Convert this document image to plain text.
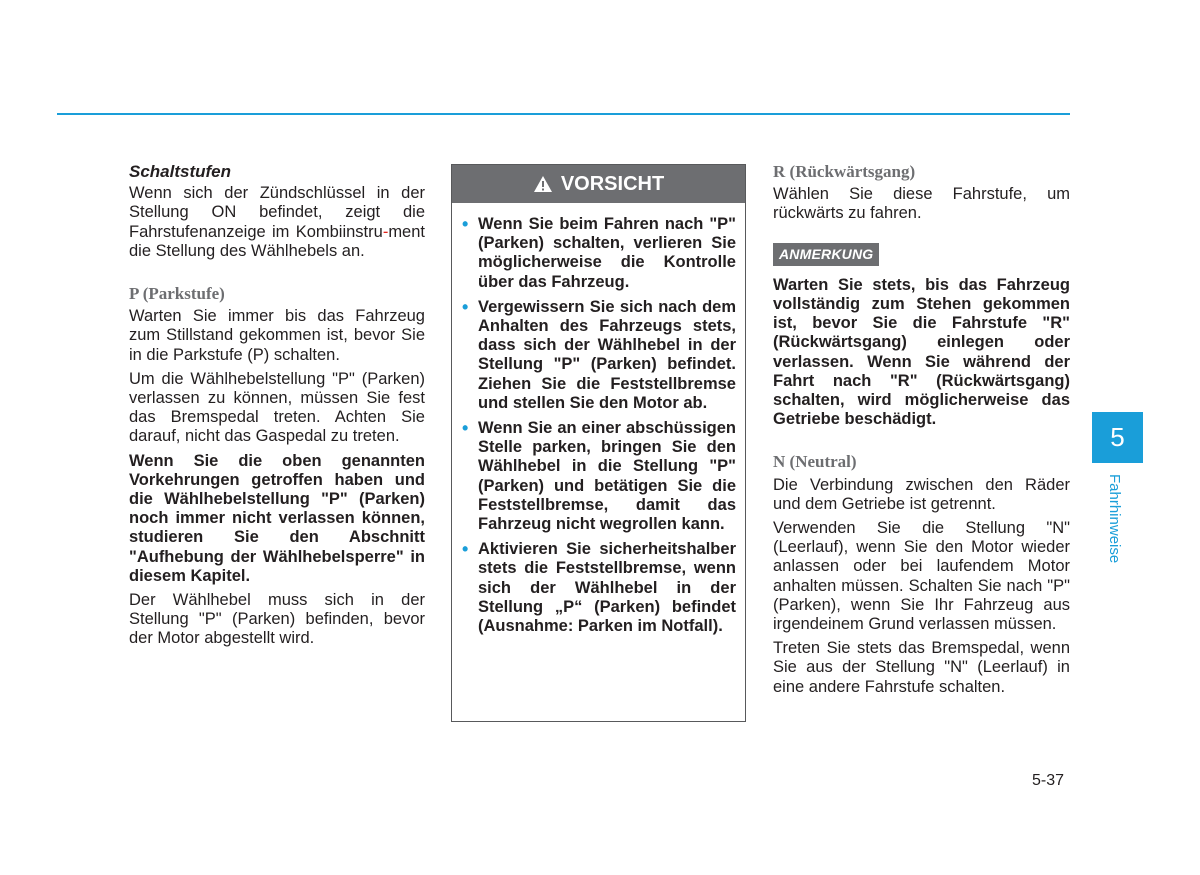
Schaltstufen

Wenn sich der Zündschlüssel in der Stellung ON befindet, zeigt die Fahrstufenanzeige im Kombiinstru-ment die Stellung des Wählhebels an.

P (Parkstufe)

Warten Sie immer bis das Fahrzeug zum Stillstand gekommen ist, bevor Sie in die Parkstufe (P) schalten.

Um die Wählhebelstellung "P" (Parken) verlassen zu können, müssen Sie fest das Bremspedal treten. Achten Sie darauf, nicht das Gaspedal zu treten.

Wenn Sie die oben genannten Vorkehrungen getroffen haben und die Wählhebelstellung "P" (Parken) noch immer nicht verlassen können, studieren Sie den Abschnitt "Aufhebung der Wählhebelsperre" in diesem Kapitel.

Der Wählhebel muss sich in der Stellung "P" (Parken) befinden, bevor der Motor abgestellt wird.

VORSICHT
• Wenn Sie beim Fahren nach "P" (Parken) schalten, verlieren Sie möglicherweise die Kontrolle über das Fahrzeug.
• Vergewissern Sie sich nach dem Anhalten des Fahrzeugs stets, dass sich der Wählhebel in der Stellung "P" (Parken) befindet. Ziehen Sie die Feststellbremse und stellen Sie den Motor ab.
• Wenn Sie an einer abschüssigen Stelle parken, bringen Sie den Wählhebel in die Stellung "P" (Parken) und betätigen Sie die Feststellbremse, damit das Fahrzeug nicht wegrollen kann.
• Aktivieren Sie sicherheitshalber stets die Feststellbremse, wenn sich der Wählhebel in der Stellung „P“ (Parken) befindet (Ausnahme: Parken im Notfall).

R (Rückwärtsgang)

Wählen Sie diese Fahrstufe, um rückwärts zu fahren.

ANMERKUNG

Warten Sie stets, bis das Fahrzeug vollständig zum Stehen gekommen ist, bevor Sie die Fahrstufe "R" (Rückwärtsgang) einlegen oder verlassen. Wenn Sie während der Fahrt nach "R" (Rückwärtsgang) schalten, wird möglicherweise das Getriebe beschädigt.

N (Neutral)

Die Verbindung zwischen den Räder und dem Getriebe ist getrennt.

Verwenden Sie die Stellung "N" (Leerlauf), wenn Sie den Motor wieder anlassen oder bei laufendem Motor anhalten müssen. Schalten Sie nach "P" (Parken), wenn Sie Ihr Fahrzeug aus irgendeinem Grund verlassen müssen.

Treten Sie stets das Bremspedal, wenn Sie aus der Stellung "N" (Leerlauf) in eine andere Fahrstufe schalten.

5
Fahrhinweise
5-37
